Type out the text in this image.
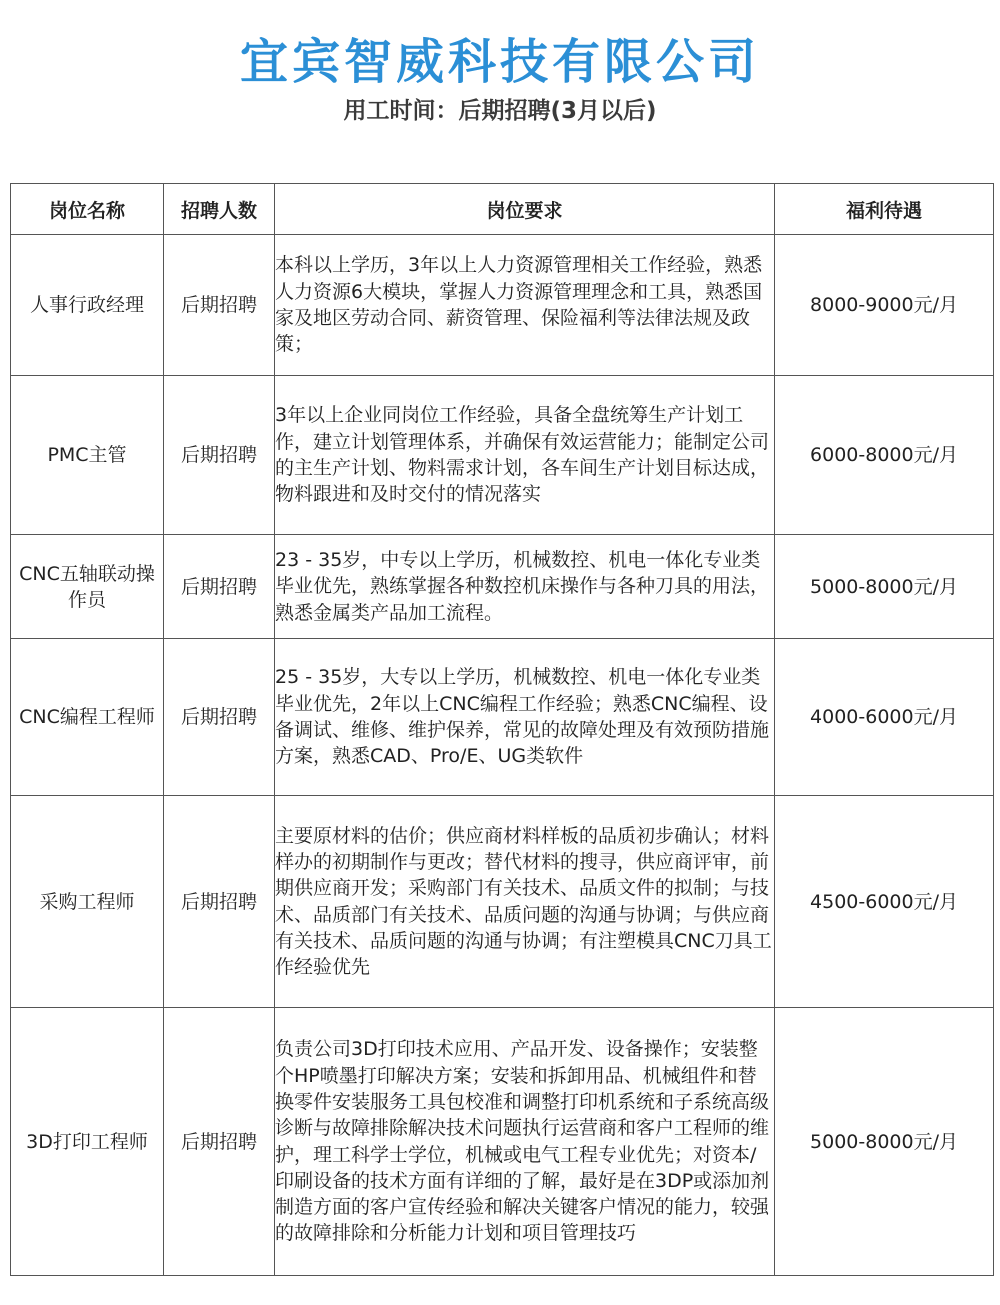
宜宾智威科技有限公司
用工时间：后期招聘(3月以后)
岗位名称	招聘人数	岗位要求	福利待遇
人事行政经理	后期招聘	本科以上学历，3年以上人力资源管理相关工作经验，熟悉人力资源6大模块，掌握人力资源管理理念和工具，熟悉国家及地区劳动合同、薪资管理、保险福利等法律法规及政策；	8000-9000元/月
PMC主管	后期招聘	3年以上企业同岗位工作经验，具备全盘统筹生产计划工作，建立计划管理体系，并确保有效运营能力；能制定公司的主生产计划、物料需求计划，各车间生产计划目标达成，物料跟进和及时交付的情况落实	6000-8000元/月
CNC五轴联动操作员	后期招聘	23 - 35岁，中专以上学历，机械数控、机电一体化专业类毕业优先，熟练掌握各种数控机床操作与各种刀具的用法，熟悉金属类产品加工流程。	5000-8000元/月
CNC编程工程师	后期招聘	25 - 35岁，大专以上学历，机械数控、机电一体化专业类毕业优先，2年以上CNC编程工作经验；熟悉CNC编程、设备调试、维修、维护保养，常见的故障处理及有效预防措施方案，熟悉CAD、Pro/E、UG类软件	4000-6000元/月
采购工程师	后期招聘	主要原材料的估价；供应商材料样板的品质初步确认；材料样办的初期制作与更改；替代材料的搜寻，供应商评审，前期供应商开发；采购部门有关技术、品质文件的拟制；与技术、品质部门有关技术、品质问题的沟通与协调；与供应商有关技术、品质问题的沟通与协调；有注塑模具CNC刀具工作经验优先	4500-6000元/月
3D打印工程师	后期招聘	负责公司3D打印技术应用、产品开发、设备操作；安装整个HP喷墨打印解决方案；安装和拆卸用品、机械组件和替换零件安装服务工具包校准和调整打印机系统和子系统高级诊断与故障排除解决技术问题执行运营商和客户工程师的维护，理工科学士学位，机械或电气工程专业优先；对资本/印刷设备的技术方面有详细的了解，最好是在3DP或添加剂制造方面的客户宣传经验和解决关键客户情况的能力，较强的故障排除和分析能力计划和项目管理技巧	5000-8000元/月
